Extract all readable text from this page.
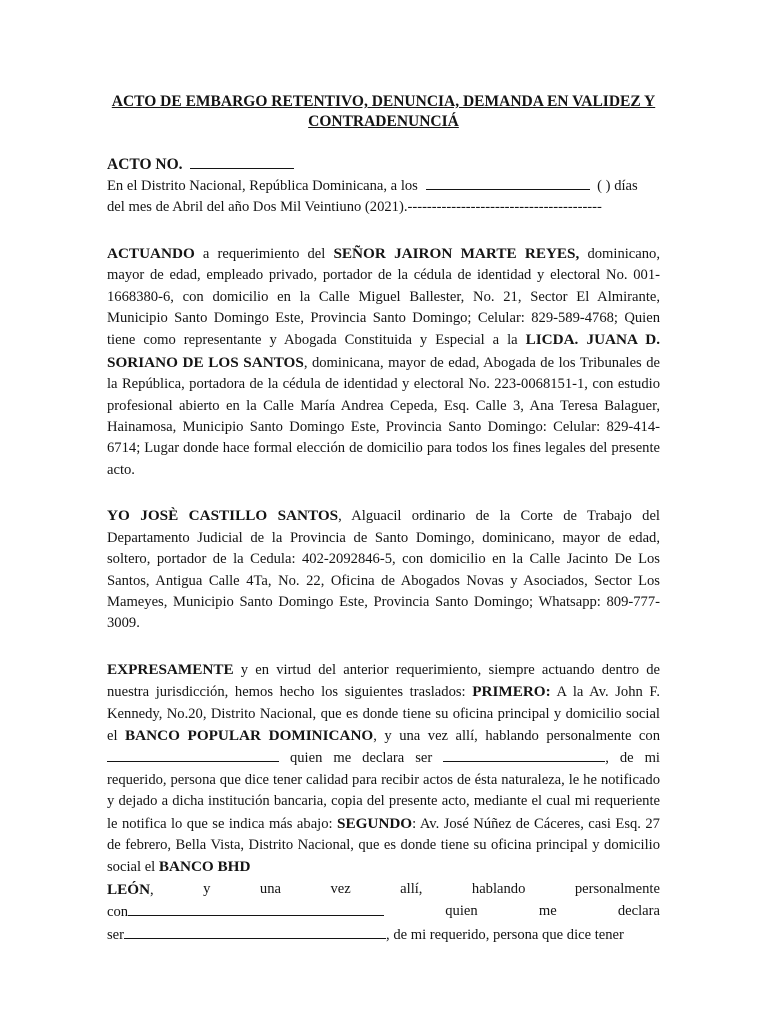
ACTO DE EMBARGO RETENTIVO, DENUNCIA, DEMANDA EN VALIDEZ Y
CONTRADENUNCIÁ
ACTO NO.
En el Distrito Nacional, República Dominicana, a los	( ) días
del mes de Abril del año Dos Mil Veintiuno (2021).----------------------------------------

ACTUANDO a requerimiento del SEÑOR JAIRON MARTE REYES, dominicano, mayor de edad, empleado privado, portador de la cédula de identidad y electoral No. 001-1668380-6, con domicilio en la Calle Miguel Ballester, No. 21, Sector El Almirante, Municipio Santo Domingo Este, Provincia Santo Domingo; Celular: 829-589-4768; Quien tiene como representante y Abogada Constituida y Especial a la LICDA. JUANA D. SORIANO DE LOS SANTOS, dominicana, mayor de edad, Abogada de los Tribunales de la República, portadora de la cédula de identidad y electoral No. 223-0068151-1, con estudio profesional abierto en la Calle María Andrea Cepeda, Esq. Calle 3, Ana Teresa Balaguer, Hainamosa, Municipio Santo Domingo Este, Provincia Santo Domingo: Celular: 829-414-6714; Lugar donde hace formal elección de domicilio para todos los fines legales del presente acto.

YO JOSÈ CASTILLO SANTOS, Alguacil ordinario de la Corte de Trabajo del Departamento Judicial de la Provincia de Santo Domingo, dominicano, mayor de edad, soltero, portador de la Cedula: 402-2092846-5, con domicilio en la Calle Jacinto De Los Santos, Antigua Calle 4Ta, No. 22, Oficina de Abogados Novas y Asociados, Sector Los Mameyes, Municipio Santo Domingo Este, Provincia Santo Domingo; Whatsapp: 809-777-3009.

EXPRESAMENTE y en virtud del anterior requerimiento, siempre actuando dentro de nuestra jurisdicción, hemos hecho los siguientes traslados: PRIMERO: A la Av. John F. Kennedy, No.20, Distrito Nacional, que es donde tiene su oficina principal y domicilio social el BANCO POPULAR DOMINICANO, y una vez allí, hablando personalmente con  quien me declara ser	, de mi requerido, persona que dice tener calidad para recibir actos de ésta naturaleza, le he notificado y dejado a dicha institución bancaria, copia del presente acto, mediante el cual mi requeriente le notifica lo que se indica más abajo: SEGUNDO: Av. José Núñez de Cáceres, casi Esq. 27 de febrero, Bella Vista, Distrito Nacional, que es donde tiene su oficina principal y domicilio social el BANCO BHD

LEÓN,	y	una	vez	allí,	hablando	personalmente
con	quien	me	declara
ser	, de mi requerido, persona que dice tener
